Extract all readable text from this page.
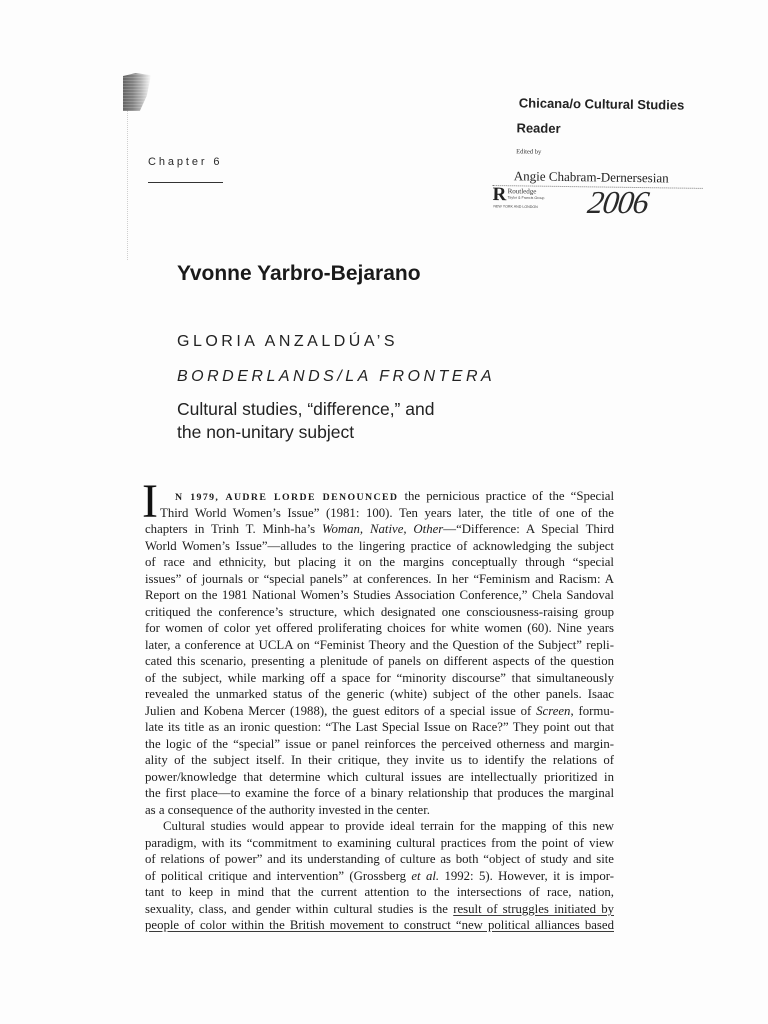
Chicana/o Cultural Studies
Reader
Edited by
Angie Chabram-Dernersesian
R Routledge
Taylor & Francis Group
NEW YORK AND LONDON 2006
Chapter 6
Yvonne Yarbro-Bejarano
GLORIA ANZALDÚA’S
BORDERLANDS/LA FRONTERA
Cultural studies, “difference,” and
the non-unitary subject
I	N 1979, AUDRE LORDE DENOUNCED the pernicious practice of the “Special
Third World Women’s Issue” (1981: 100). Ten years later, the title of one of the
chapters in Trinh T. Minh-ha’s Woman, Native, Other—“Difference: A Special Third
World Women’s Issue”—alludes to the lingering practice of acknowledging the subject
of race and ethnicity, but placing it on the margins conceptually through “special
issues” of journals or “special panels” at conferences. In her “Feminism and Racism: A
Report on the 1981 National Women’s Studies Association Conference,” Chela Sandoval
critiqued the conference’s structure, which designated one consciousness-raising group
for women of color yet offered proliferating choices for white women (60). Nine years
later, a conference at UCLA on “Feminist Theory and the Question of the Subject” repli-
cated this scenario, presenting a plenitude of panels on different aspects of the question
of the subject, while marking off a space for “minority discourse” that simultaneously
revealed the unmarked status of the generic (white) subject of the other panels. Isaac
Julien and Kobena Mercer (1988), the guest editors of a special issue of Screen, formu-
late its title as an ironic question: “The Last Special Issue on Race?” They point out that
the logic of the “special” issue or panel reinforces the perceived otherness and margin-
ality of the subject itself. In their critique, they invite us to identify the relations of
power/knowledge that determine which cultural issues are intellectually prioritized in
the first place—to examine the force of a binary relationship that produces the marginal
as a consequence of the authority invested in the center.
Cultural studies would appear to provide ideal terrain for the mapping of this new
paradigm, with its “commitment to examining cultural practices from the point of view
of relations of power” and its understanding of culture as both “object of study and site
of political critique and intervention” (Grossberg et al. 1992: 5). However, it is impor-
tant to keep in mind that the current attention to the intersections of race, nation,
sexuality, class, and gender within cultural studies is the result of struggles initiated by
people of color within the British movement to construct “new political alliances based
